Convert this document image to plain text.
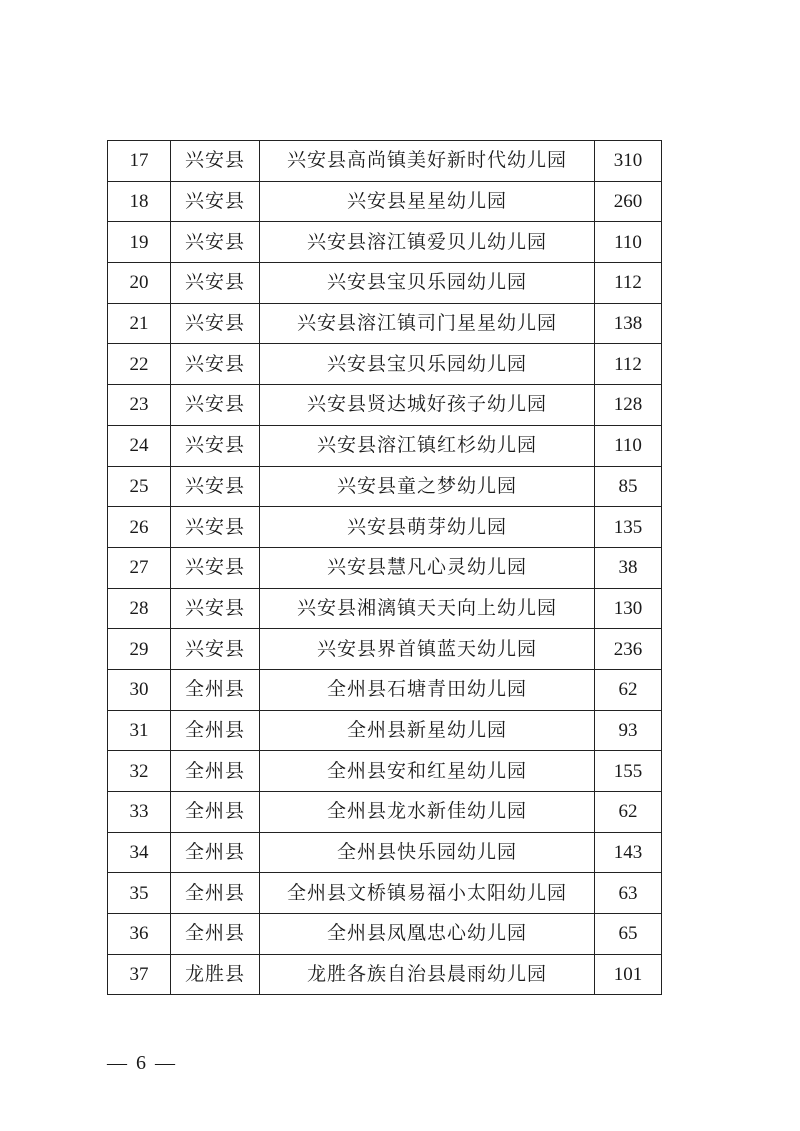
17	兴安县	兴安县高尚镇美好新时代幼儿园	310
18	兴安县	兴安县星星幼儿园	260
19	兴安县	兴安县溶江镇爱贝儿幼儿园	110
20	兴安县	兴安县宝贝乐园幼儿园	112
21	兴安县	兴安县溶江镇司门星星幼儿园	138
22	兴安县	兴安县宝贝乐园幼儿园	112
23	兴安县	兴安县贤达城好孩子幼儿园	128
24	兴安县	兴安县溶江镇红杉幼儿园	110
25	兴安县	兴安县童之梦幼儿园	85
26	兴安县	兴安县萌芽幼儿园	135
27	兴安县	兴安县慧凡心灵幼儿园	38
28	兴安县	兴安县湘漓镇天天向上幼儿园	130
29	兴安县	兴安县界首镇蓝天幼儿园	236
30	全州县	全州县石塘青田幼儿园	62
31	全州县	全州县新星幼儿园	93
32	全州县	全州县安和红星幼儿园	155
33	全州县	全州县龙水新佳幼儿园	62
34	全州县	全州县快乐园幼儿园	143
35	全州县	全州县文桥镇易福小太阳幼儿园	63
36	全州县	全州县凤凰忠心幼儿园	65
37	龙胜县	龙胜各族自治县晨雨幼儿园	101
— 6 —
